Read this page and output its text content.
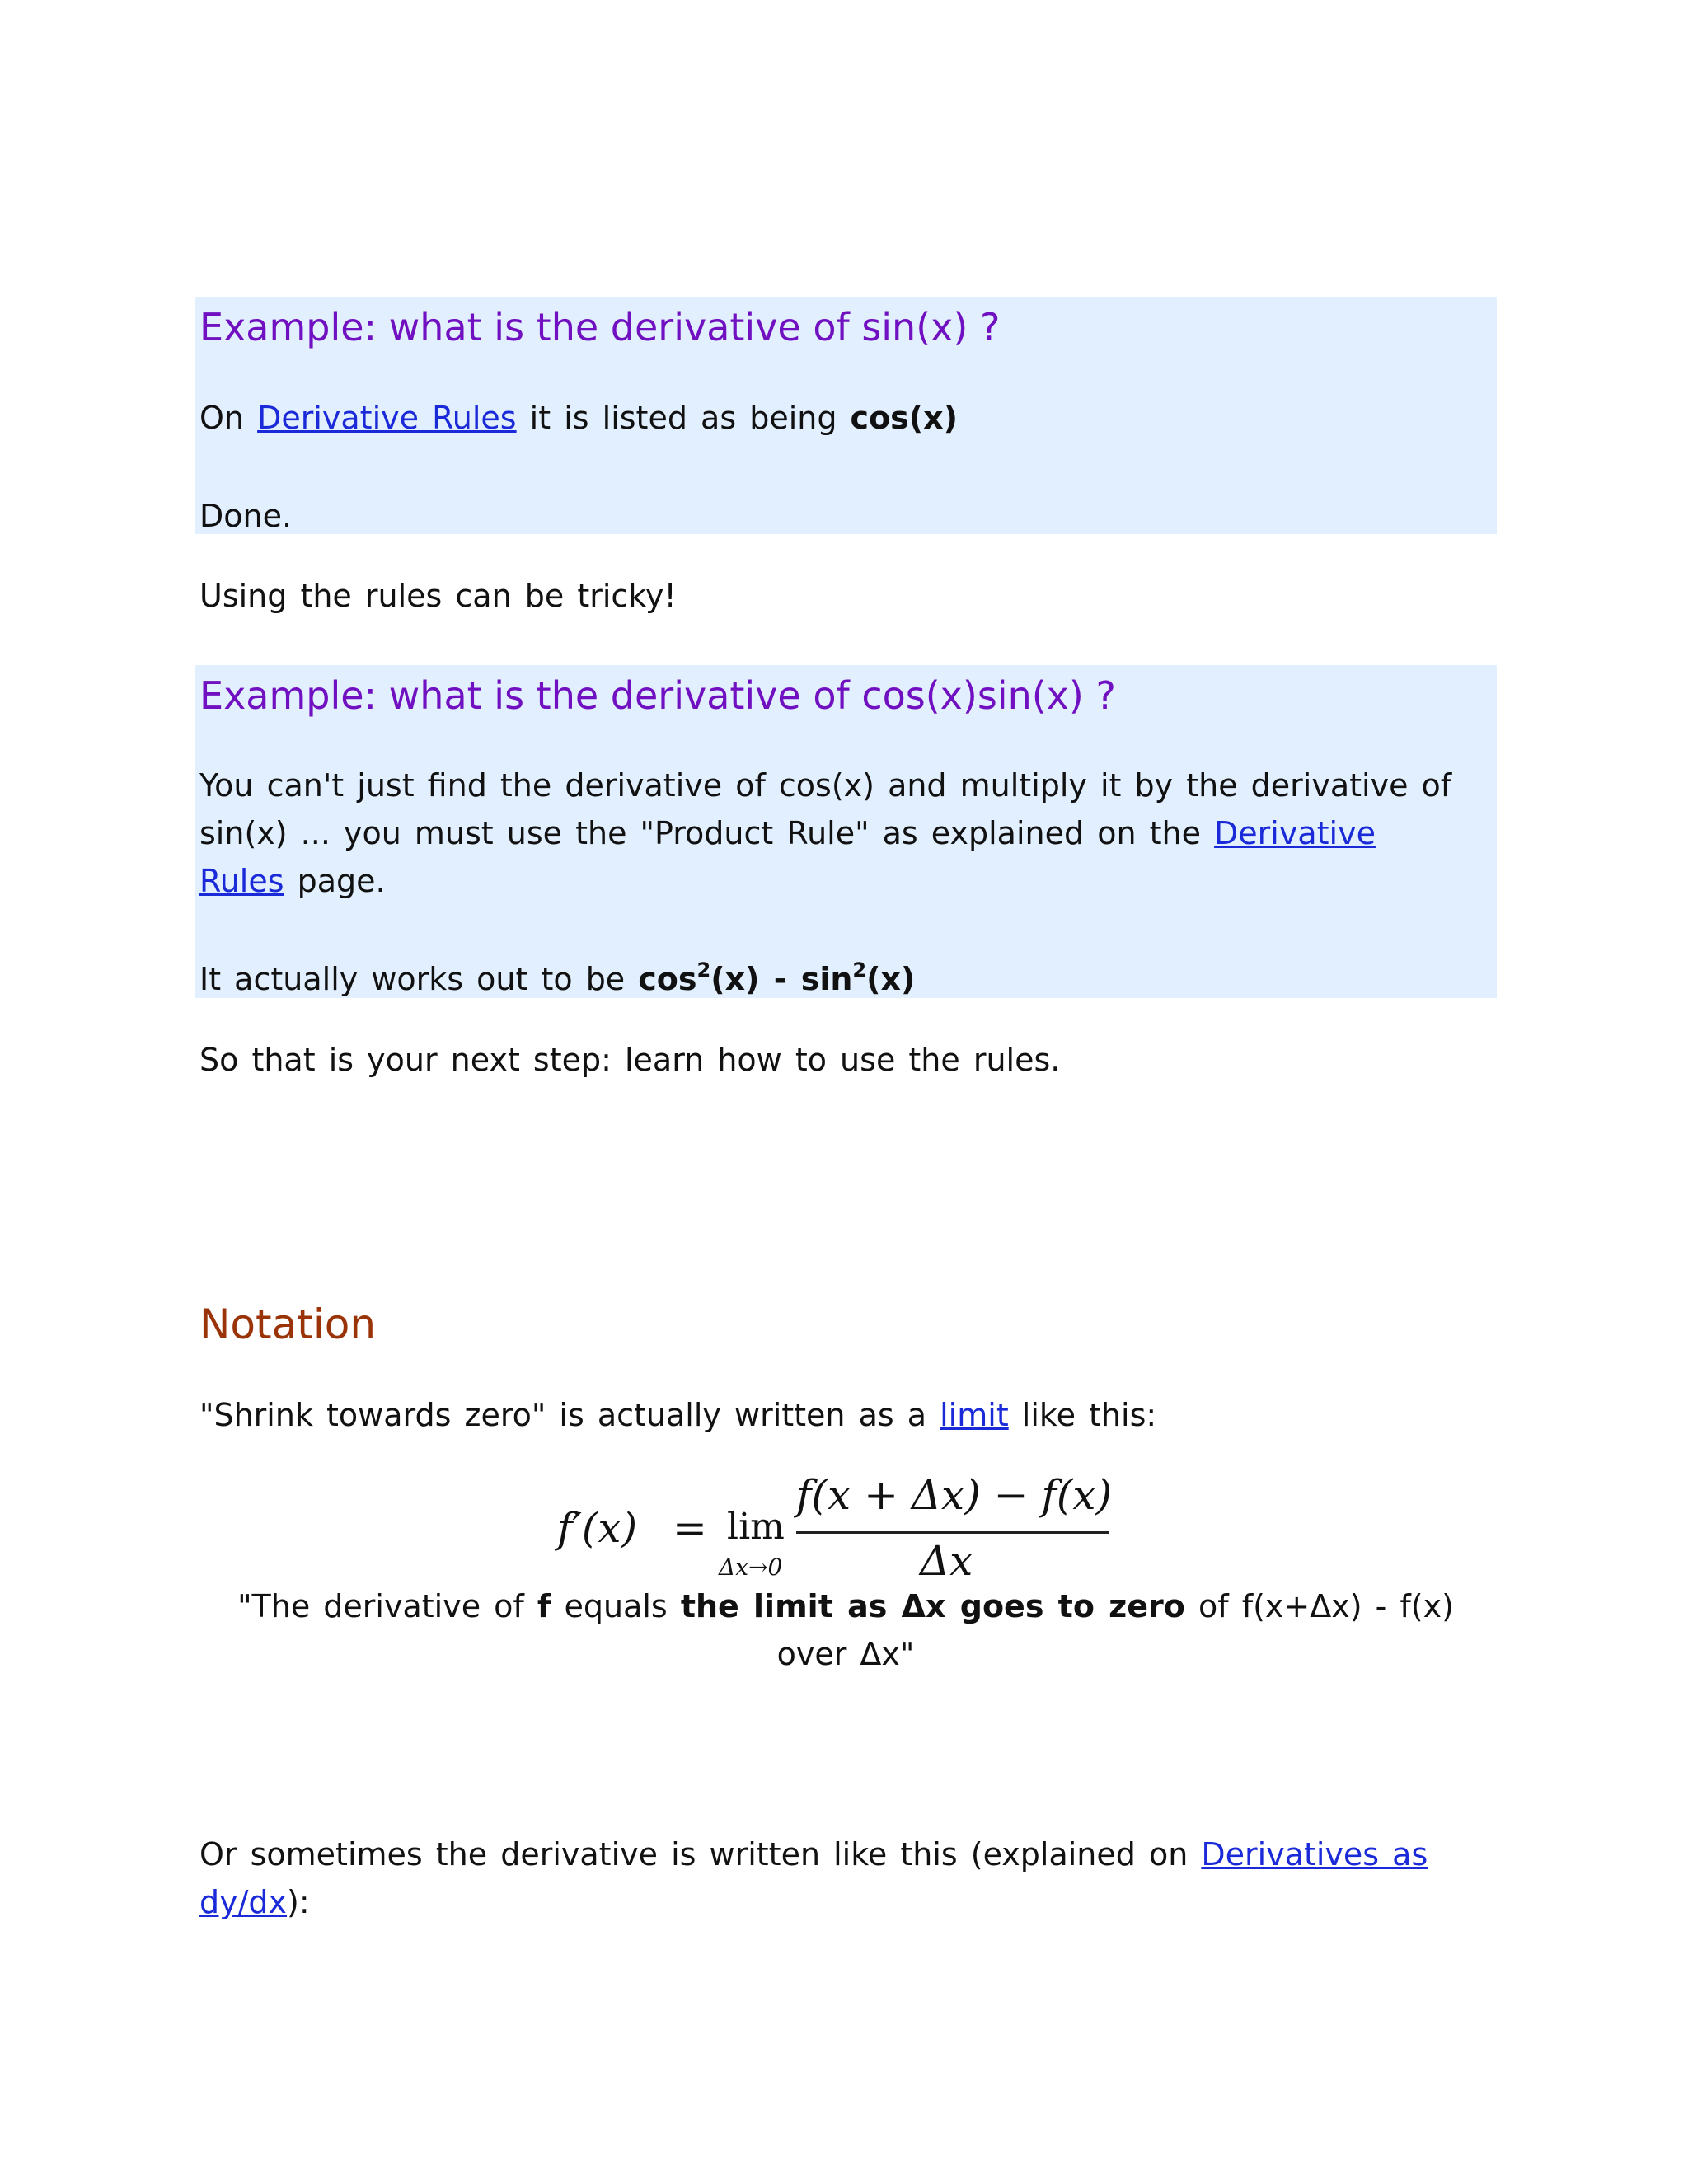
Example: what is the derivative of sin(x) ?
On Derivative Rules it is listed as being cos(x)
Done.
Using the rules can be tricky!
Example: what is the derivative of cos(x)sin(x) ?
You can't just find the derivative of cos(x) and multiply it by the derivative of
sin(x) ... you must use the "Product Rule" as explained on the Derivative
Rules page.
It actually works out to be $\cos^2(x) - \sin^2(x)$
So that is your next step: learn how to use the rules.
Notation
"Shrink towards zero" is actually written as a limit like this:
f′(x) = lim
Δx→0
f(x + Δx) − f(x)
Δx
"The derivative of f equals the limit as Δx goes to zero of f(x+Δx) - f(x)
over Δx"
Or sometimes the derivative is written like this (explained on Derivatives as
dy/dx):
